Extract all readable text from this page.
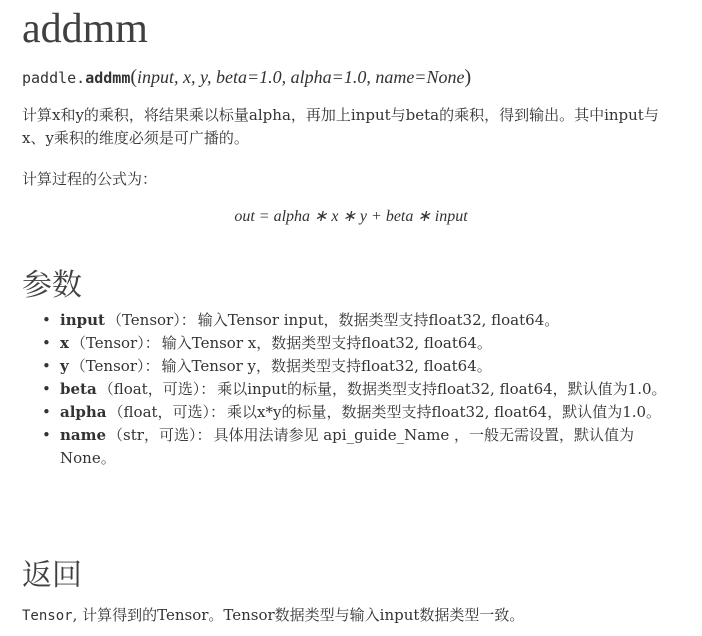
addmm
paddle.addmm(input, x, y, beta=1.0, alpha=1.0, name=None)

计算x和y的乘积，将结果乘以标量alpha，再加上input与beta的乘积，得到输出。其中input与x、y乘积的维度必须是可广播的。

计算过程的公式为：

out = alpha ∗ x ∗ y + beta ∗ input
参数
• input （Tensor）： 输入Tensor input，数据类型支持float32, float64。
• x （Tensor）： 输入Tensor x，数据类型支持float32, float64。
• y （Tensor）： 输入Tensor y，数据类型支持float32, float64。
• beta （float，可选）： 乘以input的标量，数据类型支持float32, float64，默认值为1.0。
• alpha （float，可选）： 乘以x*y的标量，数据类型支持float32, float64，默认值为1.0。
• name （str，可选）： 具体用法请参见 api_guide_Name ，一般无需设置，默认值为None。
返回

Tensor, 计算得到的Tensor。Tensor数据类型与输入input数据类型一致。
